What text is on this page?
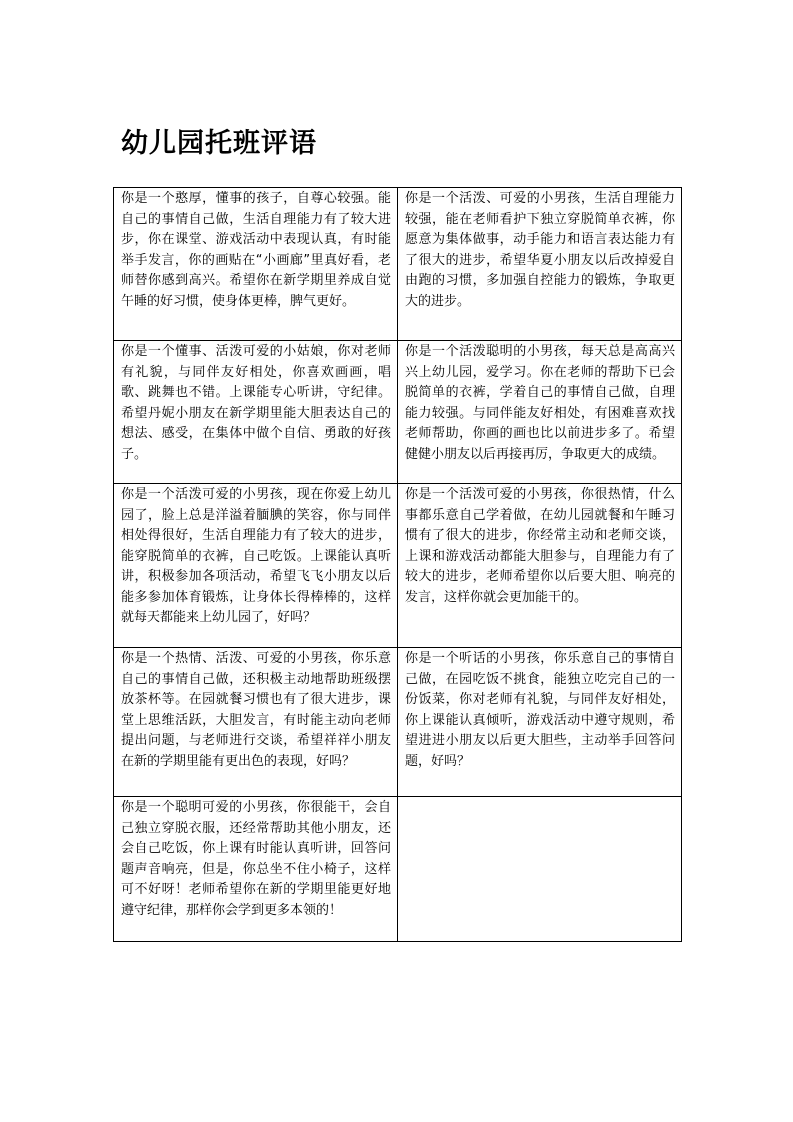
幼儿园托班评语
你是一个憨厚，懂事的孩子，自尊心较强。能自己的事情自己做，生活自理能力有了较大进步，你在课堂、游戏活动中表现认真，有时能举手发言，你的画贴在“小画廊”里真好看，老师替你感到高兴。希望你在新学期里养成自觉午睡的好习惯，使身体更棒，脾气更好。	你是一个活泼、可爱的小男孩，生活自理能力较强，能在老师看护下独立穿脱简单衣裤，你愿意为集体做事，动手能力和语言表达能力有了很大的进步，希望华夏小朋友以后改掉爱自由跑的习惯，多加强自控能力的锻炼，争取更大的进步。
你是一个懂事、活泼可爱的小姑娘，你对老师有礼貌，与同伴友好相处，你喜欢画画，唱歌、跳舞也不错。上课能专心听讲，守纪律。希望丹妮小朋友在新学期里能大胆表达自己的想法、感受，在集体中做个自信、勇敢的好孩子。	你是一个活泼聪明的小男孩，每天总是高高兴兴上幼儿园，爱学习。你在老师的帮助下已会脱简单的衣裤，学着自己的事情自己做，自理能力较强。与同伴能友好相处，有困难喜欢找老师帮助，你画的画也比以前进步多了。希望健健小朋友以后再接再厉，争取更大的成绩。
你是一个活泼可爱的小男孩，现在你爱上幼儿园了，脸上总是洋溢着腼腆的笑容，你与同伴相处得很好，生活自理能力有了较大的进步，能穿脱简单的衣裤，自己吃饭。上课能认真听讲，积极参加各项活动，希望飞飞小朋友以后能多参加体育锻炼，让身体长得棒棒的，这样就每天都能来上幼儿园了，好吗？	你是一个活泼可爱的小男孩，你很热情，什么事都乐意自己学着做，在幼儿园就餐和午睡习惯有了很大的进步，你经常主动和老师交谈，上课和游戏活动都能大胆参与，自理能力有了较大的进步，老师希望你以后要大胆、响亮的发言，这样你就会更加能干的。
你是一个热情、活泼、可爱的小男孩，你乐意自己的事情自己做，还积极主动地帮助班级摆放茶杯等。在园就餐习惯也有了很大进步，课堂上思维活跃，大胆发言，有时能主动向老师提出问题，与老师进行交谈，希望祥祥小朋友在新的学期里能有更出色的表现，好吗？	你是一个听话的小男孩，你乐意自己的事情自己做，在园吃饭不挑食，能独立吃完自己的一份饭菜，你对老师有礼貌，与同伴友好相处，你上课能认真倾听，游戏活动中遵守规则，希望进进小朋友以后更大胆些，主动举手回答问题，好吗？
你是一个聪明可爱的小男孩，你很能干，会自己独立穿脱衣服，还经常帮助其他小朋友，还会自己吃饭，你上课有时能认真听讲，回答问题声音响亮，但是，你总坐不住小椅子，这样可不好呀！老师希望你在新的学期里能更好地遵守纪律，那样你会学到更多本领的！	
